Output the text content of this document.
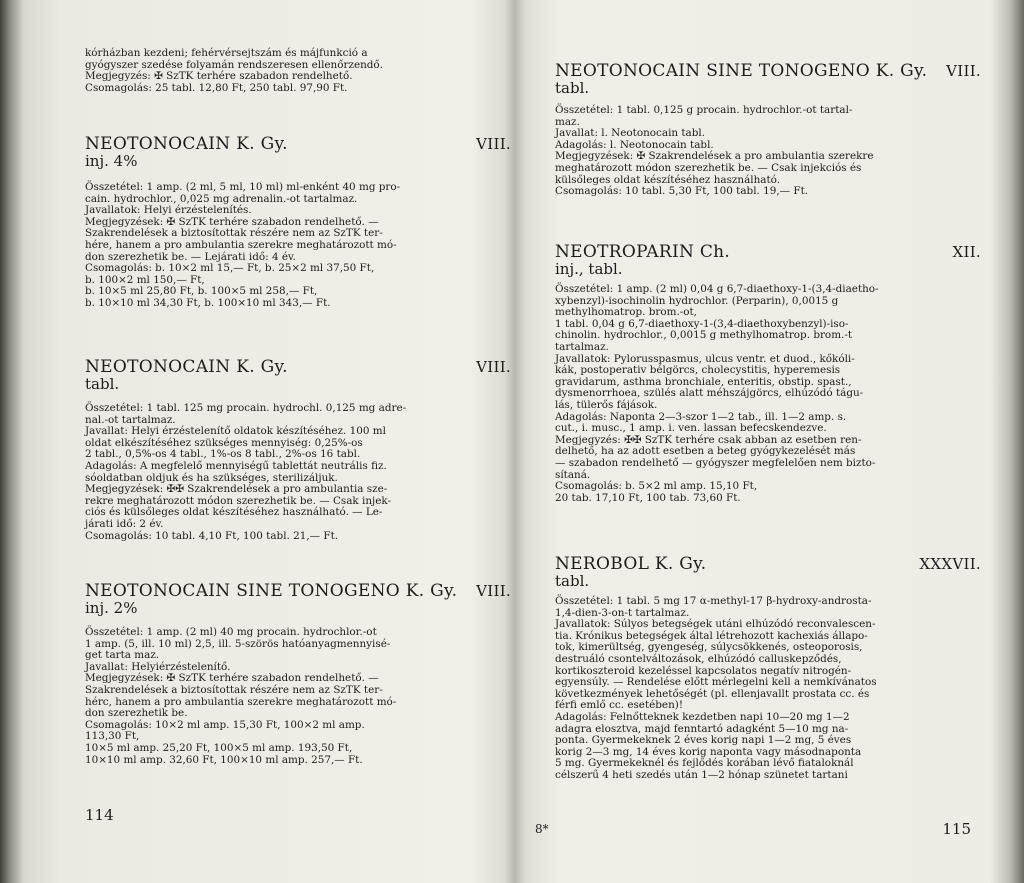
kórházban kezdeni; fehérvérsejtszám és májfunkció a

gyógyszer szedése folyamán rendszeresen ellenőrzendő.

Megjegyzés: ✠ SzTK terhére szabadon rendelhető.

Csomagolás: 25 tabl. 12,80 Ft, 250 tabl. 97,90 Ft.

NEOTONOCAIN K. Gy.	VIII.
inj. 4%

Összetétel: 1 amp. (2 ml, 5 ml, 10 ml) ml-enként 40 mg pro-

cain. hydrochlor., 0,025 mg adrenalin.-ot tartalmaz.

Javallatok: Helyi érzéstelenítés.

Megjegyzések: ✠ SzTK terhére szabadon rendelhető. —

Szakrendelések a biztosítottak részére nem az SzTK ter-

hére, hanem a pro ambulantia szerekre meghatározott mó-

don szerezhetik be. — Lejárati idő: 4 év.

Csomagolás: b. 10×2 ml 15,— Ft, b. 25×2 ml 37,50 Ft,

b. 100×2 ml 150,— Ft,

b. 10×5 ml 25,80 Ft, b. 100×5 ml 258,— Ft,

b. 10×10 ml 34,30 Ft, b. 100×10 ml 343,— Ft.

NEOTONOCAIN K. Gy.	VIII.
tabl.

Összetétel: 1 tabl. 125 mg procain. hydrochl. 0,125 mg adre-

nal.-ot tartalmaz.

Javallat: Helyi érzéstelenítő oldatok készítéséhez. 100 ml

oldat elkészítéséhez szükséges mennyiség: 0,25%-os

2 tabl., 0,5%-os 4 tabl., 1%-os 8 tabl., 2%-os 16 tabl.

Adagolás: A megfelelő mennyiségű tablettát neutrális fiz.

sóoldatban oldjuk és ha szükséges, sterilizáljuk.

Megjegyzések: ✠✠ Szakrendelések a pro ambulantia sze-

rekre meghatározott módon szerezhetik be. — Csak injek-

ciós és külsőleges oldat készítéséhez használható. — Le-

járati idő: 2 év.

Csomagolás: 10 tabl. 4,10 Ft, 100 tabl. 21,— Ft.

NEOTONOCAIN SINE TONOGENO K. Gy. VIII.
inj. 2%

Összetétel: 1 amp. (2 ml) 40 mg procain. hydrochlor.-ot

1 amp. (5, ill. 10 ml) 2,5, ill. 5-szörös hatóanyagmennyisé-

get tarta maz.

Javallat: Helyiérzéstelenítő.

Megjegyzések: ✠ SzTK terhére szabadon rendelhető. —

Szakrendelések a biztosítottak részére nem az SzTK ter-

hérc, hanem a pro ambulantia szerekre meghatározott mó-

don szerezhetik be.

Csomagolás: 10×2 ml amp. 15,30 Ft, 100×2 ml amp.

113,30 Ft,

10×5 ml amp. 25,20 Ft, 100×5 ml amp. 193,50 Ft,

10×10 ml amp. 32,60 Ft, 100×10 ml amp. 257,— Ft.

114
NEOTONOCAIN SINE TONOGENO K. Gy. VIII.
tabl.

Összetétel: 1 tabl. 0,125 g procain. hydrochlor.-ot tartal-

maz.

Javallat: l. Neotonocain tabl.

Adagolás: l. Neotonocain tabl.

Megjegyzések: ✠ Szakrendelések a pro ambulantia szerekre

meghatározott módon szerezhetik be. — Csak injekciós és

külsőleges oldat készítéséhez használható.

Csomagolás: 10 tabl. 5,30 Ft, 100 tabl. 19,— Ft.

NEOTROPARIN Ch.	XII.
inj., tabl.

Összetétel: 1 amp. (2 ml) 0,04 g 6,7-diaethoxy-1-(3,4-diaetho-

xybenzyl)-isochinolin hydrochlor. (Perparin), 0,0015 g

methylhomatrop. brom.-ot,

1 tabl. 0,04 g 6,7-diaethoxy-1-(3,4-diaethoxybenzyl)-iso-

chinolin. hydrochlor., 0,0015 g methylhomatrop. brom.-t

tartalmaz.

Javallatok: Pylorusspasmus, ulcus ventr. et duod., kőkóli-

kák, postoperativ bélgörcs, cholecystitis, hyperemesis

gravidarum, asthma bronchiale, enteritis, obstip. spast.,

dysmenorrhoea, szülés alatt méhszájgörcs, elhúzódó tágu-

lás, tülerős fájások.

Adagolás: Naponta 2—3-szor 1—2 tab., ill. 1—2 amp. s.

cut., i. musc., 1 amp. i. ven. lassan befecskendezve.

Megjegyzés: ✠✠ SzTK terhére csak abban az esetben ren-

delhető, ha az adott esetben a beteg gyógykezelését más

— szabadon rendelhető — gyógyszer megfelelően nem bizto-

sítaná.

Csomagolás: b. 5×2 ml amp. 15,10 Ft,

20 tab. 17,10 Ft, 100 tab. 73,60 Ft.

NEROBOL K. Gy.	XXXVII.
tabl.

Összetétel: 1 tabl. 5 mg 17 α-methyl-17 β-hydroxy-androsta-

1,4-dien-3-on-t tartalmaz.

Javallatok: Súlyos betegségek utáni elhúzódó reconvalescen-

tia. Krónikus betegségek által létrehozott kachexiás állapo-

tok, kimerültség, gyengeség, súlycsökkenés, osteoporosis,

destruáló csontelváltozások, elhúzódó calluskepződés,

kortikoszteroid kezeléssel kapcsolatos negatív nitrogén-

egyensúly. — Rendelése előtt mérlegelni kell a nemkívánatos

következmények lehetőségét (pl. ellenjavallt prostata cc. és

férfi emlő cc. esetében)!

Adagolás: Felnőtteknek kezdetben napi 10—20 mg 1—2

adagra elosztva, majd fenntartó adagként 5—10 mg na-

ponta. Gyermekeknek 2 éves korig napi 1—2 mg, 5 éves

korig 2—3 mg, 14 éves korig naponta vagy másodnaponta

5 mg. Gyermekeknél és fejlődés korában lévő fiataloknál

célszerű 4 heti szedés után 1—2 hónap szünetet tartani

8*	115
